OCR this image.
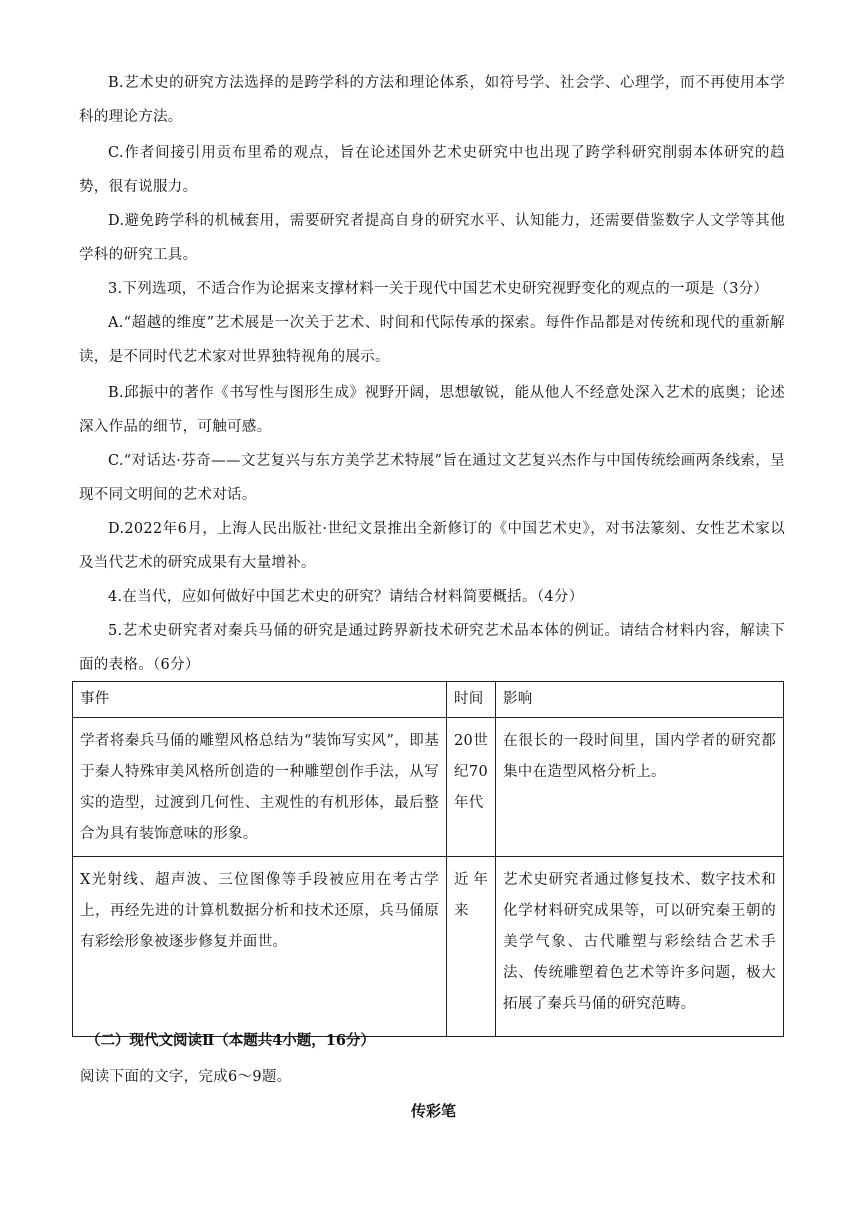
B.艺术史的研究方法选择的是跨学科的方法和理论体系，如符号学、社会学、心理学，而不再使用本学科的理论方法。

C.作者间接引用贡布里希的观点，旨在论述国外艺术史研究中也出现了跨学科研究削弱本体研究的趋势，很有说服力。

D.避免跨学科的机械套用，需要研究者提高自身的研究水平、认知能力，还需要借鉴数字人文学等其他学科的研究工具。

3.下列选项，不适合作为论据来支撑材料一关于现代中国艺术史研究视野变化的观点的一项是（3分）

A.“超越的维度”艺术展是一次关于艺术、时间和代际传承的探索。每件作品都是对传统和现代的重新解读，是不同时代艺术家对世界独特视角的展示。

B.邱振中的著作《书写性与图形生成》视野开阔，思想敏锐，能从他人不经意处深入艺术的底奥；论述深入作品的细节，可触可感。

C.“对话达·芬奇——文艺复兴与东方美学艺术特展”旨在通过文艺复兴杰作与中国传统绘画两条线索，呈现不同文明间的艺术对话。

D.2022年6月，上海人民出版社·世纪文景推出全新修订的《中国艺术史》，对书法篆刻、女性艺术家以及当代艺术的研究成果有大量增补。

4.在当代，应如何做好中国艺术史的研究？请结合材料简要概括。（4分）

5.艺术史研究者对秦兵马俑的研究是通过跨界新技术研究艺术品本体的例证。请结合材料内容，解读下面的表格。（6分）

事件	时间	影响
学者将秦兵马俑的雕塑风格总结为“装饰写实风”，即基于秦人特殊审美风格所创造的一种雕塑创作手法，从写实的造型，过渡到几何性、主观性的有机形体，最后整合为具有装饰意味的形象。	20世纪70年代	在很长的一段时间里，国内学者的研究都集中在造型风格分析上。
X光射线、超声波、三位图像等手段被应用在考古学上，再经先进的计算机数据分析和技术还原，兵马俑原有彩绘形象被逐步修复并面世。	近年来	艺术史研究者通过修复技术、数字技术和化学材料研究成果等，可以研究秦王朝的美学气象、古代雕塑与彩绘结合艺术手法、传统雕塑着色艺术等许多问题，极大拓展了秦兵马俑的研究范畴。

（二）现代文阅读Ⅱ（本题共4小题，16分）

阅读下面的文字，完成6～9题。

传彩笔
